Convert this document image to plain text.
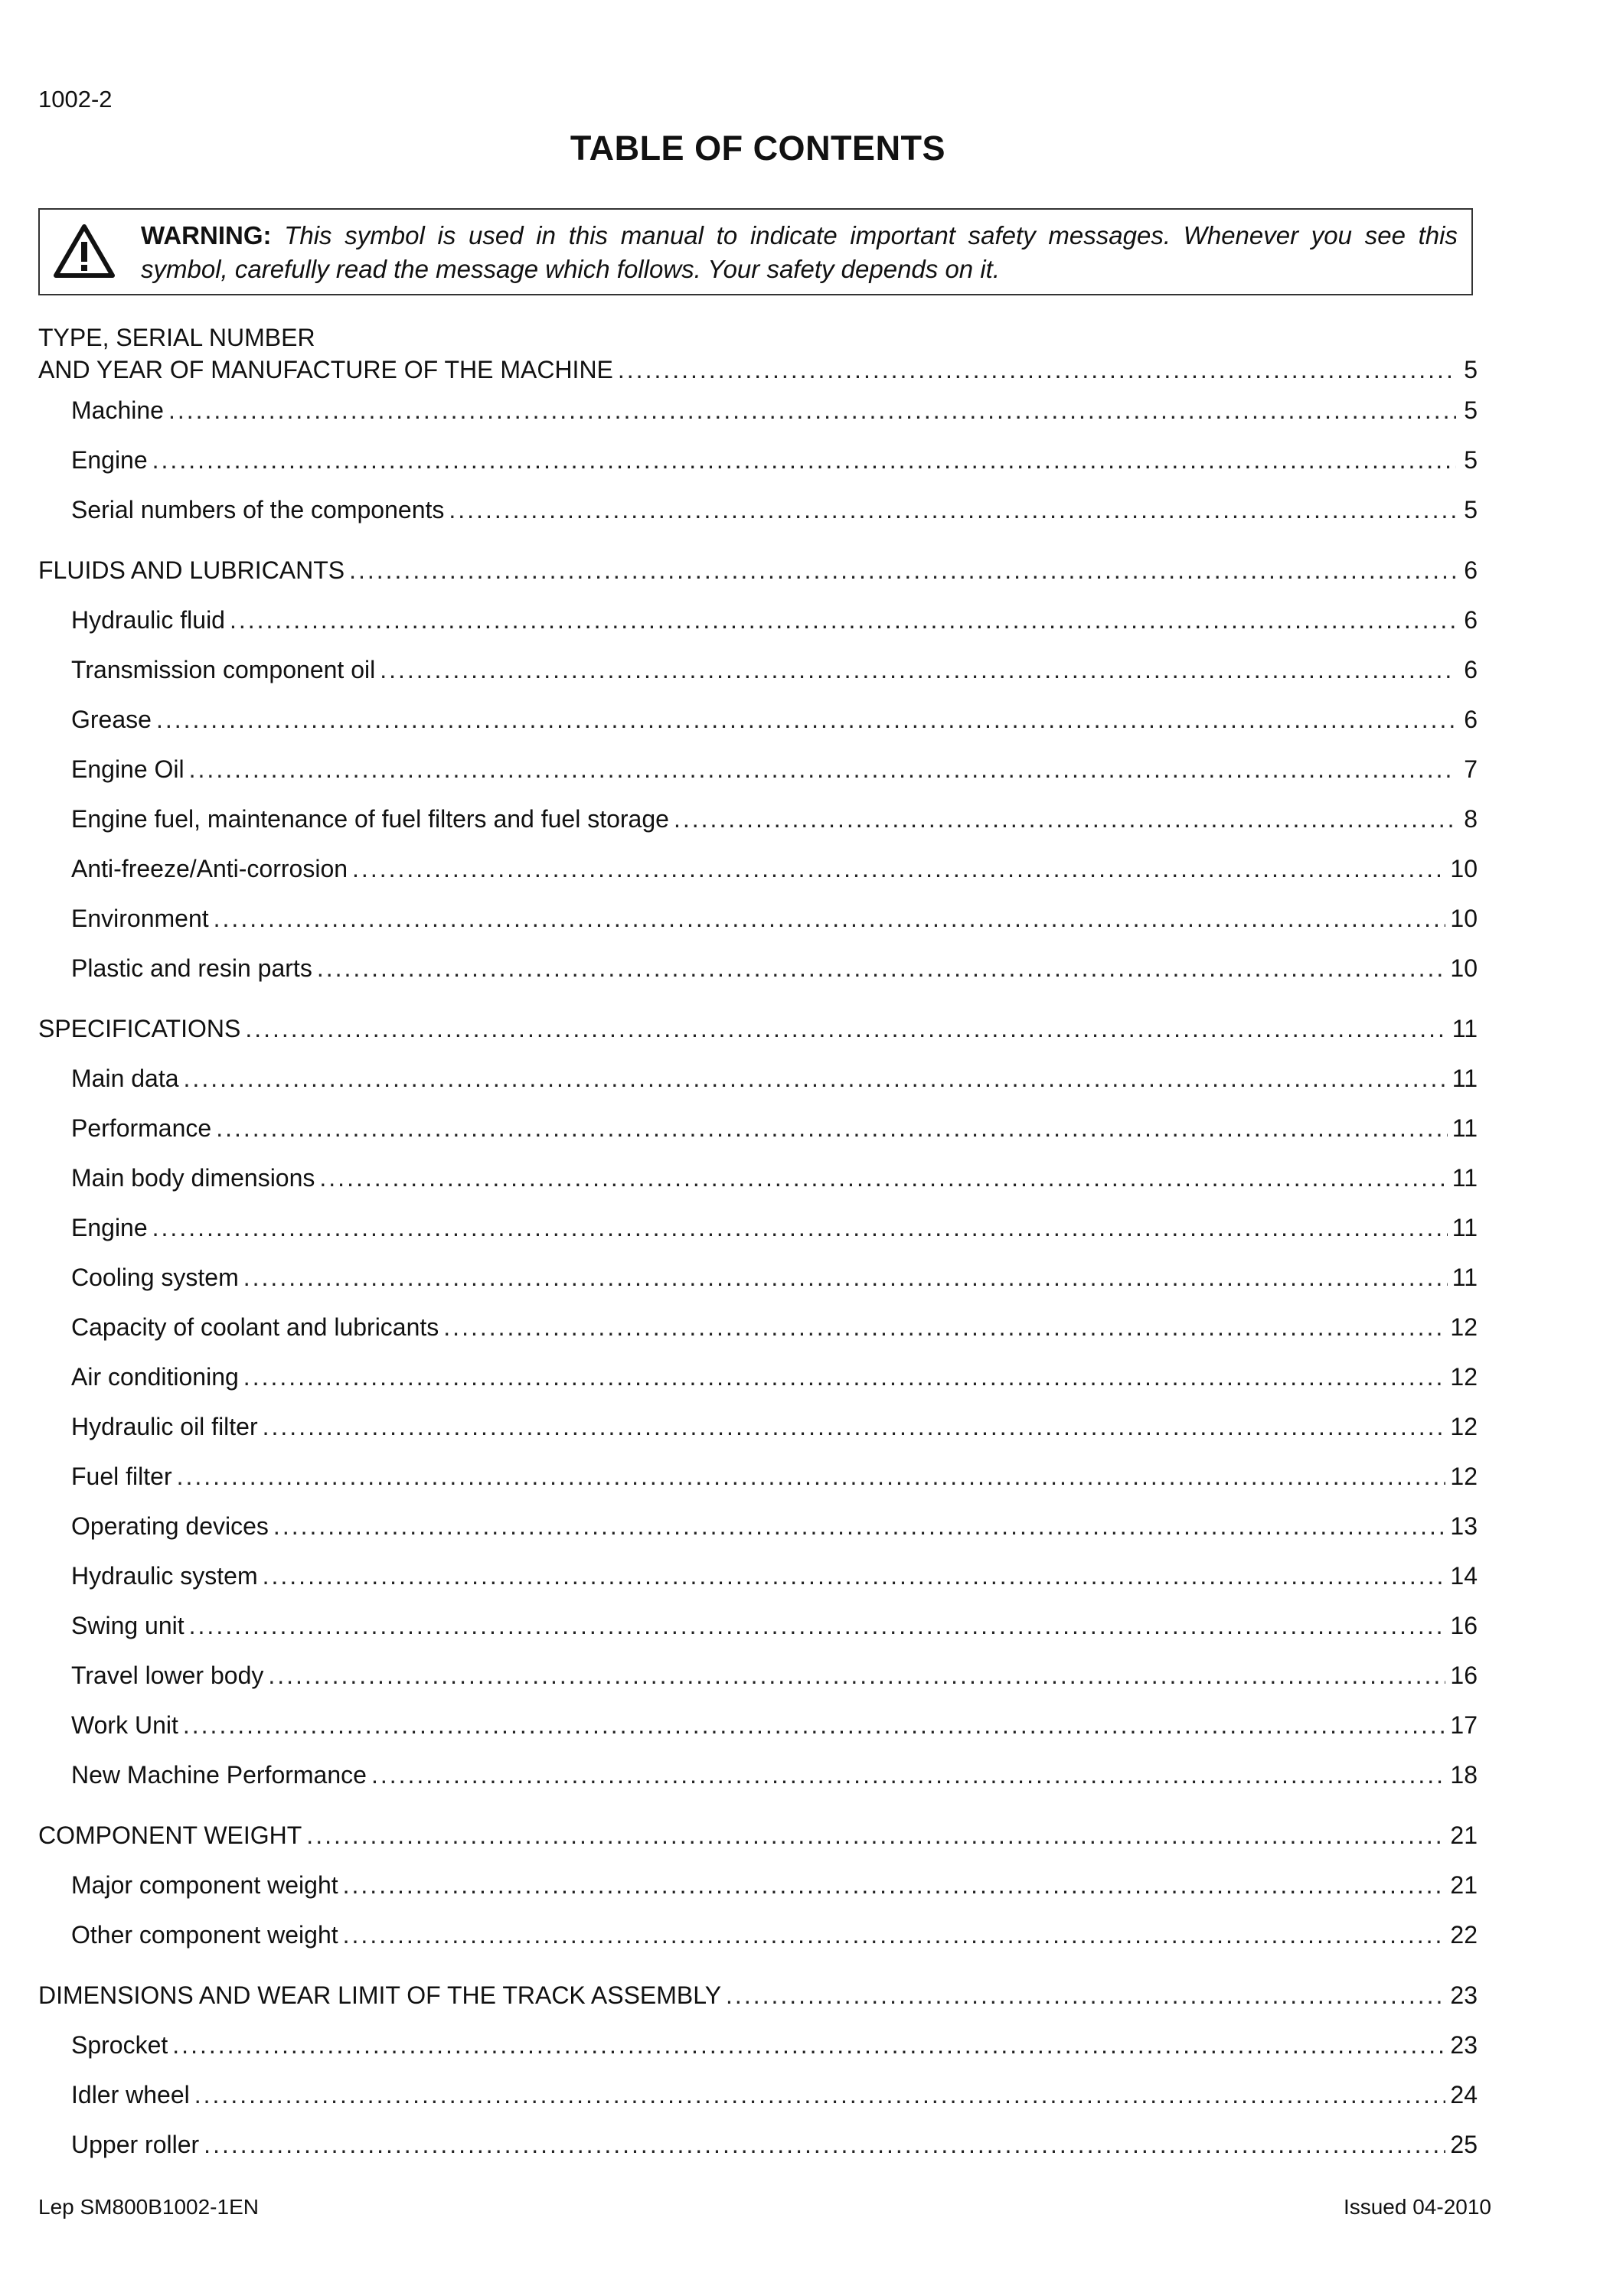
1002-2
TABLE OF CONTENTS
WARNING: This symbol is used in this manual to indicate important safety messages. Whenever you see this symbol, carefully read the message which follows. Your safety depends on it.
TYPE, SERIAL NUMBER
AND YEAR OF MANUFACTURE OF THE MACHINE .....	5
Machine .....	5
Engine .....	5
Serial numbers of the components .....	5
FLUIDS AND LUBRICANTS .....	6
Hydraulic fluid .....	6
Transmission component oil .....	6
Grease .....	6
Engine Oil .....	7
Engine fuel, maintenance of fuel filters and fuel storage .....	8
Anti-freeze/Anti-corrosion .....	10
Environment .....	10
Plastic and resin parts .....	10
SPECIFICATIONS .....	11
Main data .....	11
Performance .....	11
Main body dimensions .....	11
Engine .....	11
Cooling system .....	11
Capacity of coolant and lubricants .....	12
Air conditioning .....	12
Hydraulic oil filter .....	12
Fuel filter .....	12
Operating devices .....	13
Hydraulic system .....	14
Swing unit .....	16
Travel lower body .....	16
Work Unit .....	17
New Machine Performance .....	18
COMPONENT WEIGHT .....	21
Major component weight .....	21
Other component weight .....	22
DIMENSIONS AND WEAR LIMIT OF THE TRACK ASSEMBLY .....	23
Sprocket .....	23
Idler wheel .....	24
Upper roller .....	25
Lep SM800B1002-1EN	Issued 04-2010
